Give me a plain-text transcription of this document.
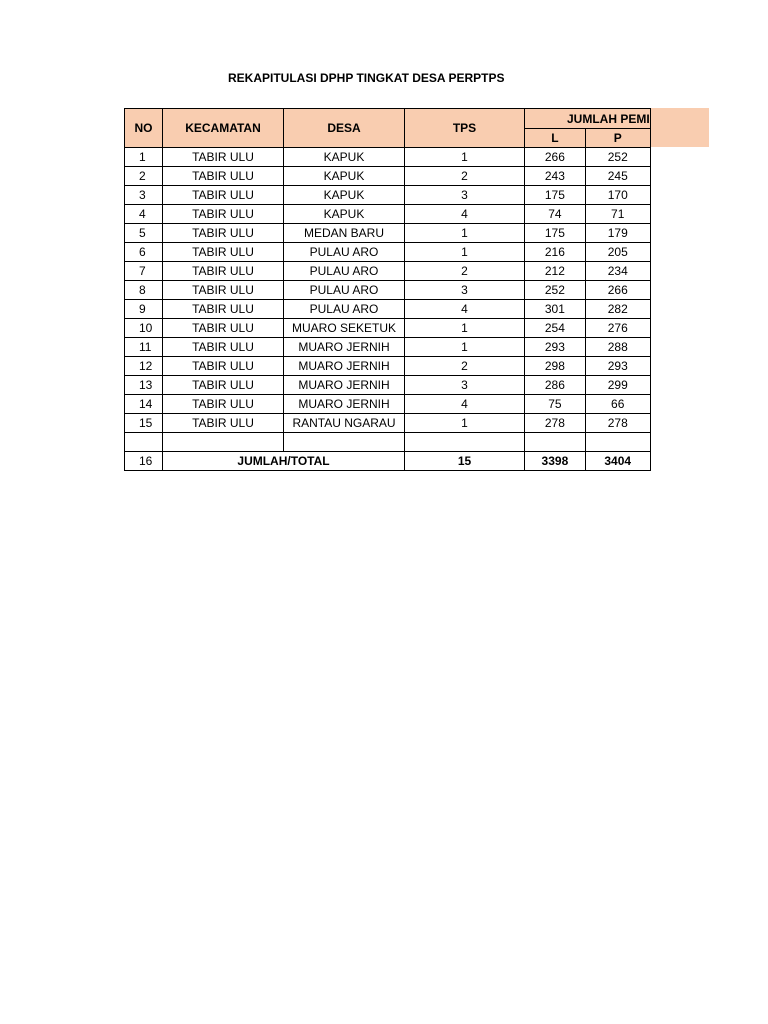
REKAPITULASI DPHP TINGKAT DESA PERPTPS
NO	KECAMATAN	DESA	TPS	JUMLAH PEMI	
				L	P
1	TABIR ULU	KAPUK	1	266	252
2	TABIR ULU	KAPUK	2	243	245
3	TABIR ULU	KAPUK	3	175	170
4	TABIR ULU	KAPUK	4	74	71
5	TABIR ULU	MEDAN BARU	1	175	179
6	TABIR ULU	PULAU ARO	1	216	205
7	TABIR ULU	PULAU ARO	2	212	234
8	TABIR ULU	PULAU ARO	3	252	266
9	TABIR ULU	PULAU ARO	4	301	282
10	TABIR ULU	MUARO SEKETUK	1	254	276
11	TABIR ULU	MUARO JERNIH	1	293	288
12	TABIR ULU	MUARO JERNIH	2	298	293
13	TABIR ULU	MUARO JERNIH	3	286	299
14	TABIR ULU	MUARO JERNIH	4	75	66
15	TABIR ULU	RANTAU NGARAU	1	278	278

16	JUMLAH/TOTAL		15	3398	3404
